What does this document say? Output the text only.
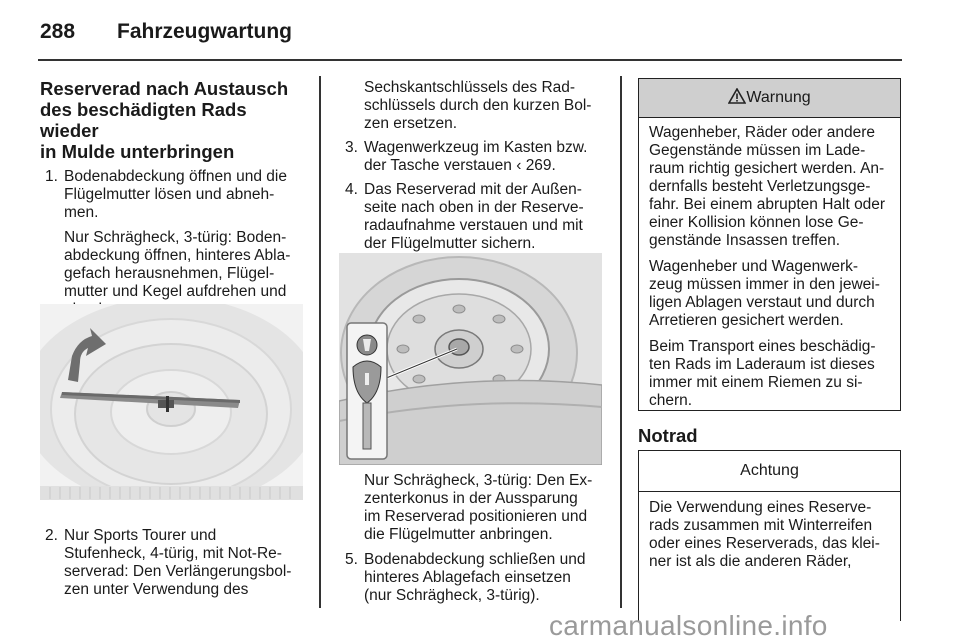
288 Fahrzeugwartung
Reserverad nach Austausch
des beschädigten Rads wieder
in Mulde unterbringen
1. Bodenabdeckung öffnen und die

Flügelmutter lösen und abneh-

men.

Nur Schrägheck, 3-türig: Boden-

abdeckung öffnen, hinteres Abla-

gefach herausnehmen, Flügel-

mutter und Kegel aufdrehen und

2. Nur Sports Tourer und

Stufenheck, 4-türig, mit Not-Re-

serverad: Den Verlängerungsbol-

zen unter Verwendung des

Sechskantschlüssels des Rad-

schlüssels durch den kurzen Bol-

zen ersetzen.

3. Wagenwerkzeug im Kasten bzw.

der Tasche verstauen ‹ 269.

4. Das Reserverad mit der Außen-

seite nach oben in der Reserve-

radaufnahme verstauen und mit

der Flügelmutter sichern.

Nur Schrägheck, 3-türig: Den Ex-

zenterkonus in der Aussparung

im Reserverad positionieren und

die Flügelmutter anbringen.

5. Bodenabdeckung schließen und

hinteres Ablagefach einsetzen

(nur Schrägheck, 3-türig).

Warnung

Wagenheber, Räder oder andere
Gegenstände müssen im Lade-
raum richtig gesichert werden. An-
dernfalls besteht Verletzungsge-
fahr. Bei einem abrupten Halt oder
einer Kollision können lose Ge-
genstände Insassen treffen.

Wagenheber und Wagenwerk-
zeug müssen immer in den jewei-
ligen Ablagen verstaut und durch
Arretieren gesichert werden.

Beim Transport eines beschädig-
ten Rads im Laderaum ist dieses
immer mit einem Riemen zu si-
chern.

Notrad
Achtung

Die Verwendung eines Reserve-

rads zusammen mit Winterreifen

oder eines Reserverads, das klei-

ner ist als die anderen Räder,

carmanualsonline.info
